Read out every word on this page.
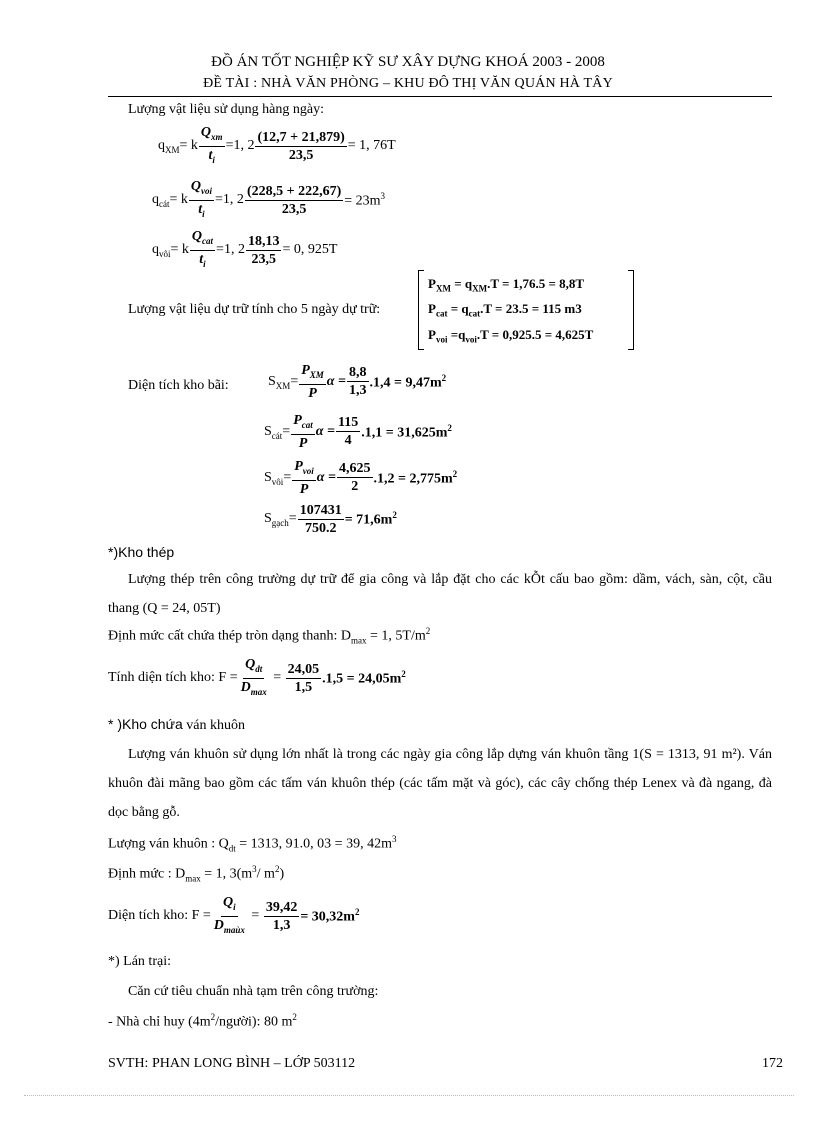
ĐỒ ÁN TỐT NGHIỆP KỸ SƯ XÂY DỰNG KHOÁ 2003 - 2008
ĐỀ TÀI : NHÀ VĂN PHÒNG – KHU ĐÔ THỊ VĂN QUÁN HÀ TÂY
Lượng vật liệu sử dụng hàng ngày:
$q_{XM} = k \frac{Q_{xm}}{t_i} =1$, $2 \frac{(12,7 + 21,879)}{23,5} = 1$, 76T
$q_{cát} = k \frac{Q_{voi}}{t_i} =1$, $2 \frac{(228,5 + 222,67)}{23,5} = 23m^3$
$q_{vôi} = k \frac{Q_{cat}}{t_i} =1$, $2 \frac{18,13}{23,5} = 0$, 925T
Lượng vật liệu dự trữ tính cho 5 ngày dự trữ:
$P_{XM} = q_{XM}.T = 1,76.5 = 8,8T$
$P_{cat} = q_{cat}.T = 23.5 = 115$ m3
$P_{voi} =q_{voi}.T = 0,925.5 = 4,625T$
Diện tích kho bãi:	$S_{XM}= \frac{P_{XM}}{P}$ $\alpha = \frac{8,8}{1,3} .1,4 = 9,47m^2$
$S_{cát}= \frac{P_{cat}}{P}$ $\alpha = \frac{115}{4} .1,1 = 31,625m^2$
$S_{vôi}= \frac{P_{voi}}{P}$ $\alpha = \frac{4,625}{2} .1,2 = 2,775m^2$
$S_{gạch}= \frac{107431}{750.2} = 71,6m^2$
*)Kho thép
Lượng thép trên công trường dự trữ để gia công và lắp đặt cho các kỖt cấu bao gồm: dầm, vách, sàn, cột, cầu thang (Q = 24, 05T)
Định mức cất chứa thép tròn dạng thanh: $D_{max} = 1$, $5T/m^2$
Tính diện tích kho: $F = \frac{Q_{dt}}{D_{max}} = \frac{24,05}{1,5} .1,5 = 24,05m^2$
* )Kho chứa ván khuôn
Lượng ván khuôn sử dụng lớn nhất là trong các ngày gia công lắp dựng ván khuôn tầng 1(S = 1313, 91 m²). Ván khuôn đài mãng bao gồm các tấm ván khuôn thép (các tấm mặt và góc), các cây chống thép Lenex và đà ngang, đà dọc bằng gỗ.
Lượng ván khuôn : $Q_{dt} = 1313$, 91.0, 03 = 39, $42m^3$
Định mức : $D_{max} = 1$, $3(m^3/$ $m^2$)
Diện tích kho: $F = \frac{Q_i}{D_{maùx}} = \frac{39,42}{1,3} = 30,32m^2$
*) Lán trại:
Căn cứ tiêu chuẩn nhà tạm trên công trường:
- Nhà chỉ huy $(4m^2/người)$: 80 $m^2$
SVTH: PHAN LONG BÌNH – LỚP 503112	172
